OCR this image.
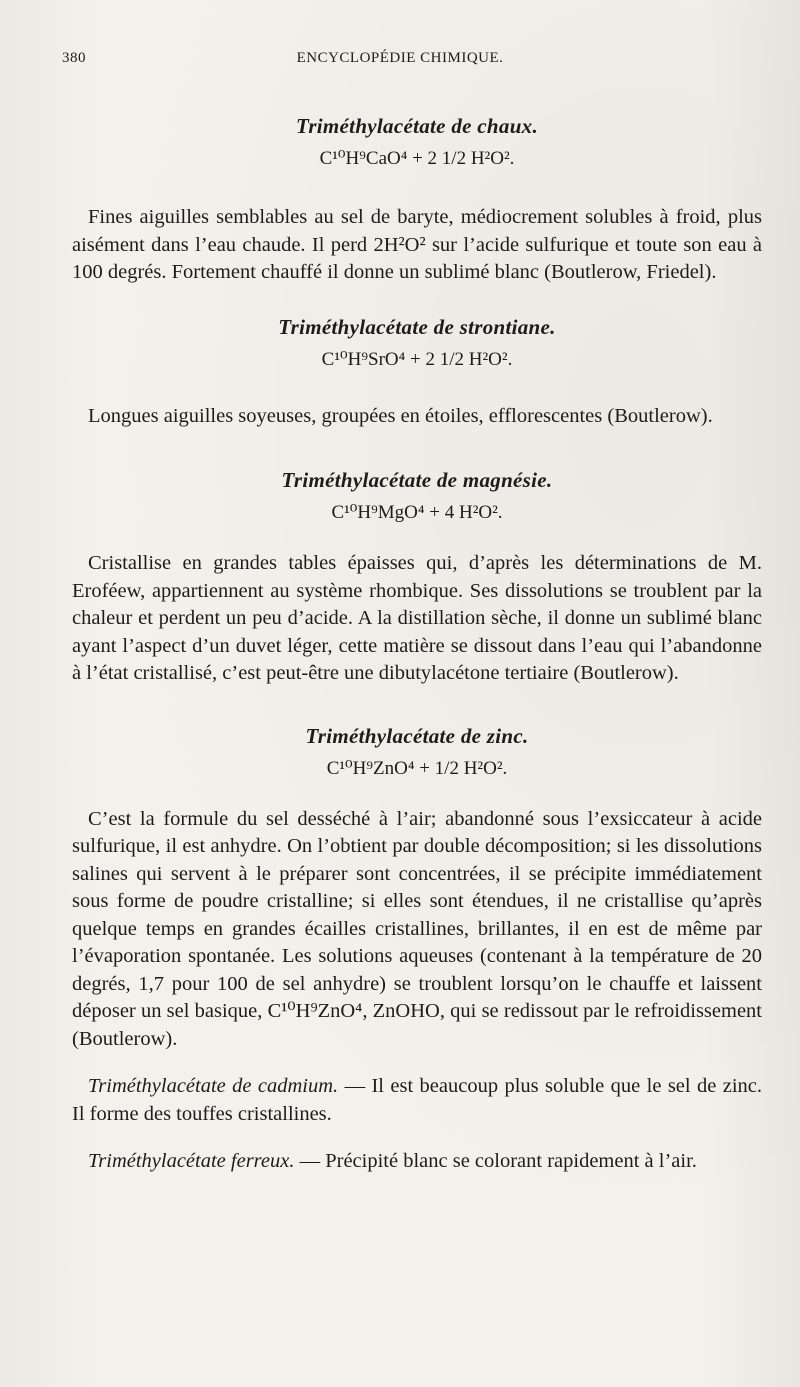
380	ENCYCLOPÉDIE CHIMIQUE.
Triméthylacétate de chaux.

C¹⁰H⁹CaO⁴ + 2 1/2 H²O².

Fines aiguilles semblables au sel de baryte, médiocrement solubles à froid, plus aisément dans l’eau chaude. Il perd 2H²O² sur l’acide sulfurique et toute son eau à 100 degrés. Fortement chauffé il donne un sublimé blanc (Boutlerow, Friedel).

Triméthylacétate de strontiane.

C¹⁰H⁹SrO⁴ + 2 1/2 H²O².

Longues aiguilles soyeuses, groupées en étoiles, efflorescentes (Boutlerow).

Triméthylacétate de magnésie.

C¹⁰H⁹MgO⁴ + 4 H²O².

Cristallise en grandes tables épaisses qui, d’après les déterminations de M. Eroféew, appartiennent au système rhombique. Ses dissolutions se troublent par la chaleur et perdent un peu d’acide. A la distillation sèche, il donne un sublimé blanc ayant l’aspect d’un duvet léger, cette matière se dissout dans l’eau qui l’abandonne à l’état cristallisé, c’est peut-être une dibutylacétone tertiaire (Boutlerow).

Triméthylacétate de zinc.

C¹⁰H⁹ZnO⁴ + 1/2 H²O².

C’est la formule du sel desséché à l’air; abandonné sous l’exsiccateur à acide sulfurique, il est anhydre. On l’obtient par double décomposition; si les dissolutions salines qui servent à le préparer sont concentrées, il se précipite immédiatement sous forme de poudre cristalline; si elles sont étendues, il ne cristallise qu’après quelque temps en grandes écailles cristallines, brillantes, il en est de même par l’évaporation spontanée. Les solutions aqueuses (contenant à la température de 20 degrés, 1,7 pour 100 de sel anhydre) se troublent lorsqu’on le chauffe et laissent déposer un sel basique, C¹⁰H⁹ZnO⁴, ZnOHO, qui se redissout par le refroidissement (Boutlerow).

Triméthylacétate de cadmium. — Il est beaucoup plus soluble que le sel de zinc. Il forme des touffes cristallines.

Triméthylacétate ferreux. — Précipité blanc se colorant rapidement à l’air.
